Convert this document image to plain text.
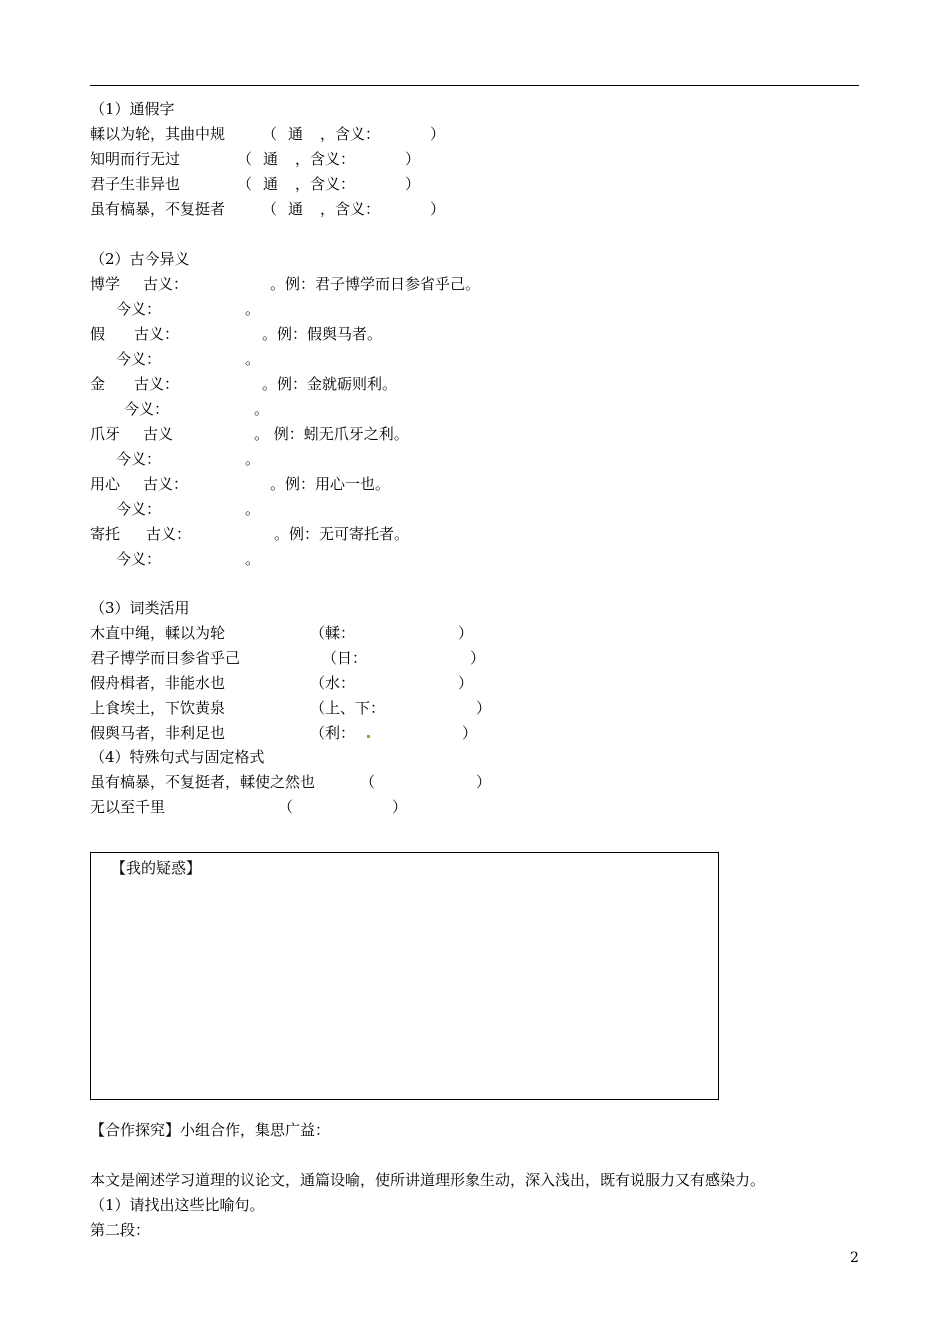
（1）通假字
輮以为轮，其曲中规 （ 通 ，含义：	）
知明而行无过	（ 通 ，含义：	）
君子生非异也	（ 通 ，含义：	）
虽有槁暴，不复挺者 （ 通 ，含义：	）
（2）古今异义
博学 古义：	。例：君子博学而日参省乎己。
今义：	。
假 古义：	。例：假舆马者。
今义：	。
金 古义：	。例：金就砺则利。
今义：	。
爪牙 古义	。 例：蚓无爪牙之利。
今义：	。
用心 古义：	。例：用心一也。
今义：	。
寄托 古义：	。例：无可寄托者。
今义：	。
（3）词类活用
木直中绳，輮以为轮	（輮：	）
君子博学而日参省乎己	（日：	）
假舟楫者，非能水也	（水：	）
上食埃土，下饮黄泉	（上、下：	）
假舆马者，非利足也	（利：	）
（4）特殊句式与固定格式
虽有槁暴，不复挺者，輮使之然也	（	）
无以至千里	（	）
【我的疑惑】
【合作探究】小组合作，集思广益：
本文是阐述学习道理的议论文，通篇设喻，使所讲道理形象生动，深入浅出，既有说服力又有感染力。
（1）请找出这些比喻句。
第二段：
2
